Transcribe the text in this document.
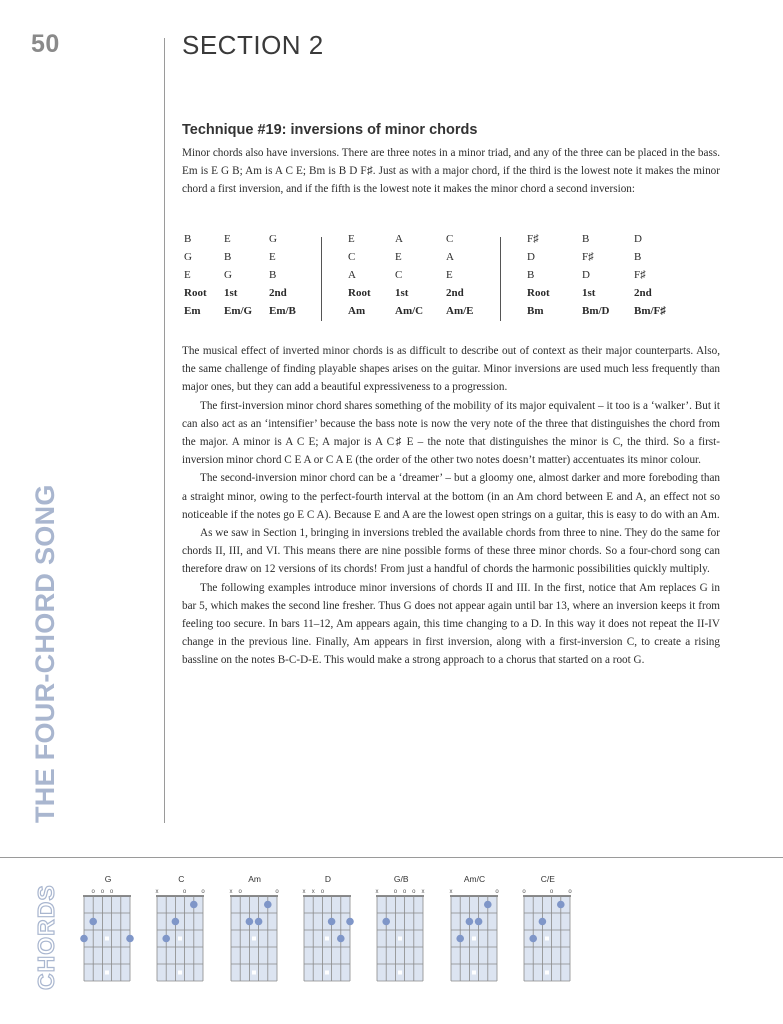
50	SECTION 2
THE FOUR-CHORD SONG
Technique #19: inversions of minor chords
Minor chords also have inversions. There are three notes in a minor triad, and any of the three can be placed in the bass. Em is E G B; Am is A C E; Bm is B D F♯. Just as with a major chord, if the third is the lowest note it makes the minor chord a first inversion, and if the fifth is the lowest note it makes the minor chord a second inversion:
B	E	G
G	B	E
E	G	B
Root 1st	2nd
Em Em/G Em/B
E	A	C
C	E	A
A	C	E
Root 1st	2nd
Am	Am/C Am/E
F♯	B	D
D	F♯	B
B	D	F♯
Root	1st	2nd
Bm	Bm/D Bm/F♯

The musical effect of inverted minor chords is as difficult to describe out of context as their major counterparts. Also, the same challenge of finding playable shapes arises on the guitar. Minor inversions are used much less frequently than major ones, but they can add a beautiful expressiveness to a progression.

The first-inversion minor chord shares something of the mobility of its major equivalent – it too is a ‘walker’. But it can also act as an ‘intensifier’ because the bass note is now the very note of the three that distinguishes the chord from the major. A minor is A C E; A major is A C♯ E – the note that distinguishes the minor is C, the third. So a first-inversion minor chord C E A or C A E (the order of the other two notes doesn’t matter) accentuates its minor colour.

The second-inversion minor chord can be a ‘dreamer’ – but a gloomy one, almost darker and more foreboding than a straight minor, owing to the perfect-fourth interval at the bottom (in an Am chord between E and A, an effect not so noticeable if the notes go E C A). Because E and A are the lowest open strings on a guitar, this is easy to do with an Am.

As we saw in Section 1, bringing in inversions trebled the available chords from three to nine. They do the same for chords II, III, and VI. This means there are nine possible forms of these three minor chords. So a four-chord song can therefore draw on 12 versions of its chords! From just a handful of chords the harmonic possibilities quickly multiply.

The following examples introduce minor inversions of chords II and III. In the first, notice that Am replaces G in bar 5, which makes the second line fresher. Thus G does not appear again until bar 13, where an inversion keeps it from feeling too secure. In bars 11–12, Am appears again, this time changing to a D. In this way it does not repeat the II-IV change in the previous line. Finally, Am appears in first inversion, along with a first-inversion C, to create a rising bassline on the notes B-C-D-E. This would make a strong approach to a chorus that started on a root G.

CHORDS
G
o o o
C
x	o	o
Am
x o	o
D
x x o
G/B
x	o o o x
Am/C
x	o
C/E
o	o	o
